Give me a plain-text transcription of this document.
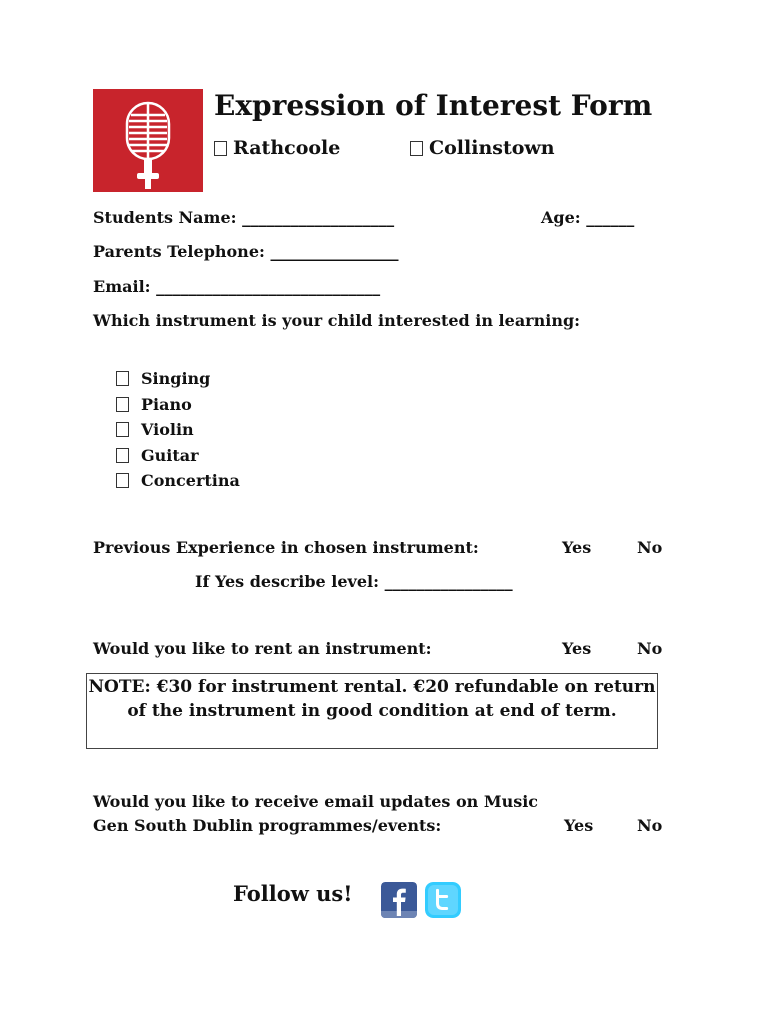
Expression of Interest Form
Rathcoole	Collinstown
Students Name: ___________________	Age: ______
Parents Telephone: ________________
Email: ____________________________
Which instrument is your child interested in learning:
Singing
Piano
Violin
Guitar
Concertina
Previous Experience in chosen instrument:	Yes	No
If Yes describe level: ________________
Would you like to rent an instrument:	Yes	No
NOTE: €30 for instrument rental. €20 refundable on return of the instrument in good condition at end of term.
Would you like to receive email updates on Music
Gen South Dublin programmes/events:	Yes	No
Follow us!
